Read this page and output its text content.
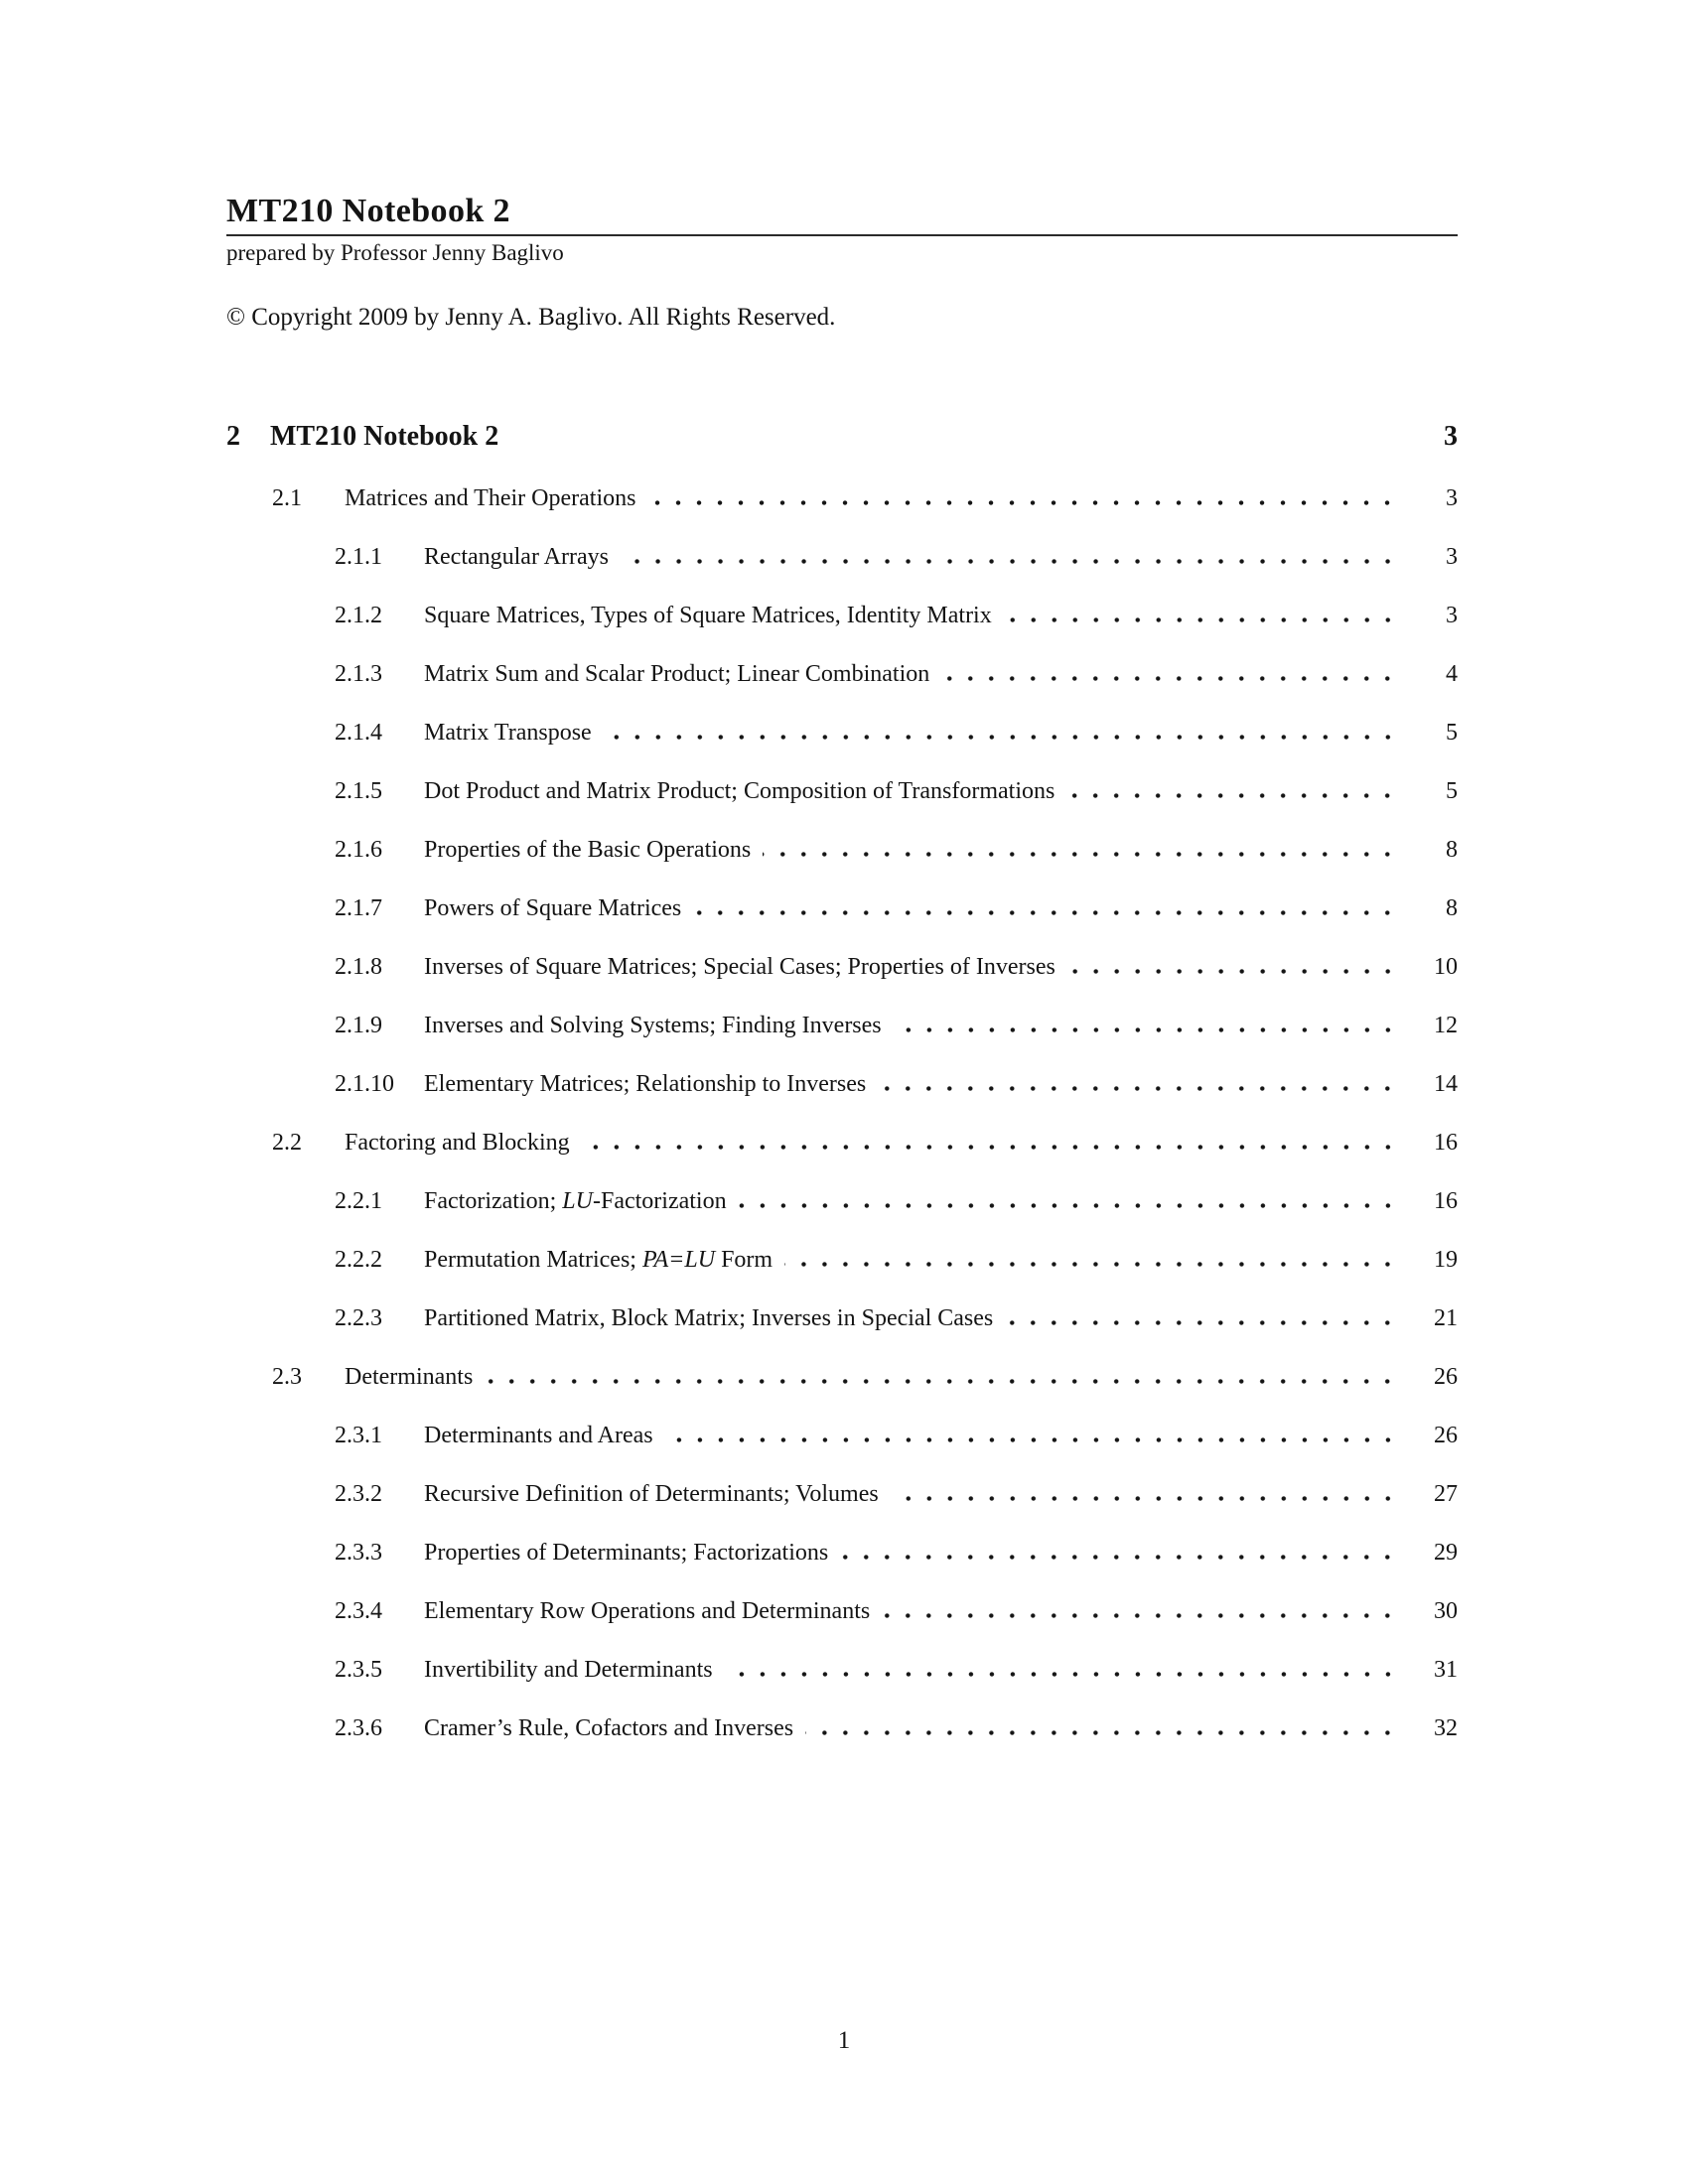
MT210 Notebook 2
prepared by Professor Jenny Baglivo
© Copyright 2009 by Jenny A. Baglivo. All Rights Reserved.
2	MT210 Notebook 2	3
2.1	Matrices and Their Operations	3
2.1.1	Rectangular Arrays	3
2.1.2	Square Matrices, Types of Square Matrices, Identity Matrix	3
2.1.3	Matrix Sum and Scalar Product; Linear Combination	4
2.1.4	Matrix Transpose	5
2.1.5	Dot Product and Matrix Product; Composition of Transformations	5
2.1.6	Properties of the Basic Operations	8
2.1.7	Powers of Square Matrices	8
2.1.8	Inverses of Square Matrices; Special Cases; Properties of Inverses	10
2.1.9	Inverses and Solving Systems; Finding Inverses	12
2.1.10	Elementary Matrices; Relationship to Inverses	14
2.2	Factoring and Blocking	16
2.2.1	Factorization; LU-Factorization	16
2.2.2	Permutation Matrices; PA=LU Form	19
2.2.3	Partitioned Matrix, Block Matrix; Inverses in Special Cases	21
2.3	Determinants	26
2.3.1	Determinants and Areas	26
2.3.2	Recursive Definition of Determinants; Volumes	27
2.3.3	Properties of Determinants; Factorizations	29
2.3.4	Elementary Row Operations and Determinants	30
2.3.5	Invertibility and Determinants	31
2.3.6	Cramer’s Rule, Cofactors and Inverses	32
1
